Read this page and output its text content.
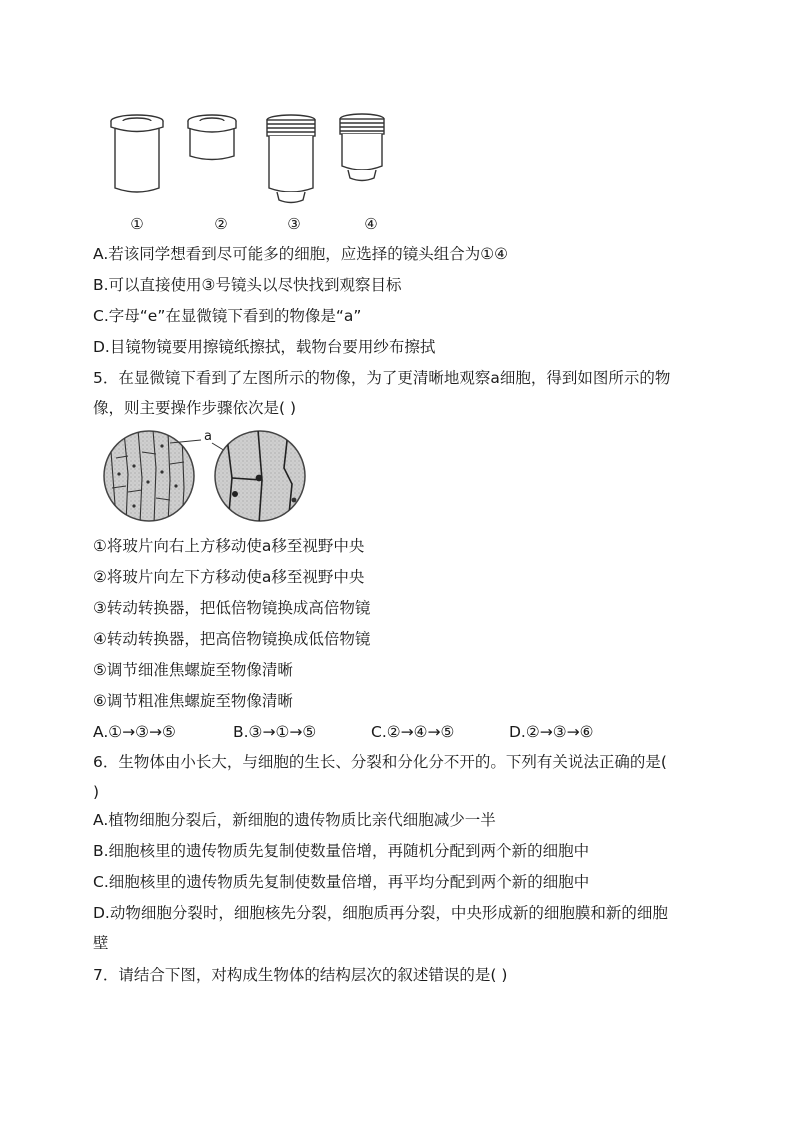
①	②	③	④
A.若该同学想看到尽可能多的细胞，应选择的镜头组合为①④
B.可以直接使用③号镜头以尽快找到观察目标
C.字母“e”在显微镜下看到的物像是“a”
D.目镜物镜要用擦镜纸擦拭，载物台要用纱布擦拭
5．在显微镜下看到了左图所示的物像，为了更清晰地观察a细胞，得到如图所示的物
像，则主要操作步骤依次是( )
a
①将玻片向右上方移动使a移至视野中央
②将玻片向左下方移动使a移至视野中央
③转动转换器，把低倍物镜换成高倍物镜
④转动转换器，把高倍物镜换成低倍物镜
⑤调节细准焦螺旋至物像清晰
⑥调节粗准焦螺旋至物像清晰
A.①→③→⑤	B.③→①→⑤	C.②→④→⑤	D.②→③→⑥
6．生物体由小长大，与细胞的生长、分裂和分化分不开的。下列有关说法正确的是(
)
A.植物细胞分裂后，新细胞的遗传物质比亲代细胞减少一半
B.细胞核里的遗传物质先复制使数量倍增，再随机分配到两个新的细胞中
C.细胞核里的遗传物质先复制使数量倍增，再平均分配到两个新的细胞中
D.动物细胞分裂时，细胞核先分裂，细胞质再分裂，中央形成新的细胞膜和新的细胞
壁
7．请结合下图，对构成生物体的结构层次的叙述错误的是( )
